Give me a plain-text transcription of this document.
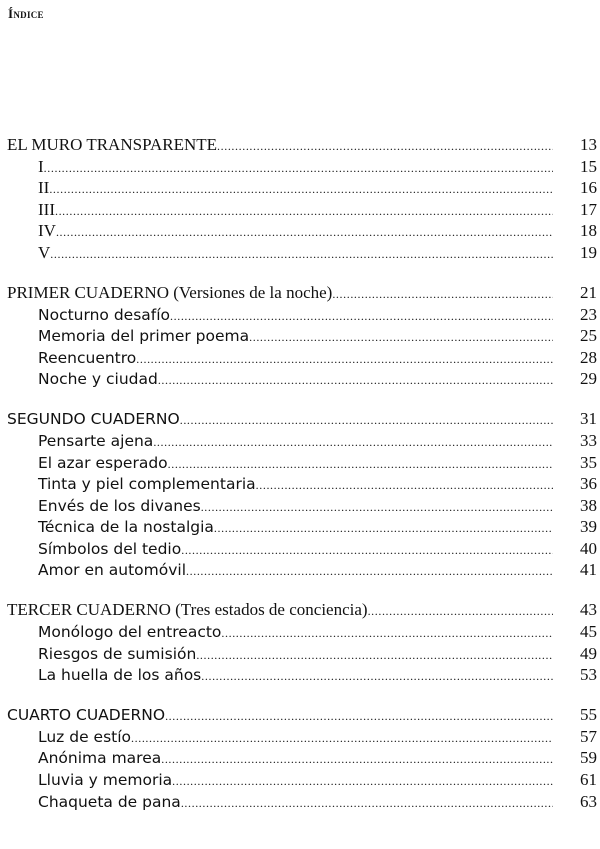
Índice
EL MURO TRANSPARENTE .....	13
I .....	15
II .....	16
III .....	17
IV .....	18
V .....	19
PRIMER CUADERNO (Versiones de la noche) .....	21
Nocturno desafío .....	23
Memoria del primer poema .....	25
Reencuentro .....	28
Noche y ciudad .....	29
SEGUNDO CUADERNO .....	31
Pensarte ajena .....	33
El azar esperado .....	35
Tinta y piel complementaria .....	36
Envés de los divanes .....	38
Técnica de la nostalgia .....	39
Símbolos del tedio .....	40
Amor en automóvil .....	41
TERCER CUADERNO (Tres estados de conciencia) .....	43
Monólogo del entreacto .....	45
Riesgos de sumisión .....	49
La huella de los años .....	53
CUARTO CUADERNO .....	55
Luz de estío .....	57
Anónima marea .....	59
Lluvia y memoria .....	61
Chaqueta de pana .....	63
